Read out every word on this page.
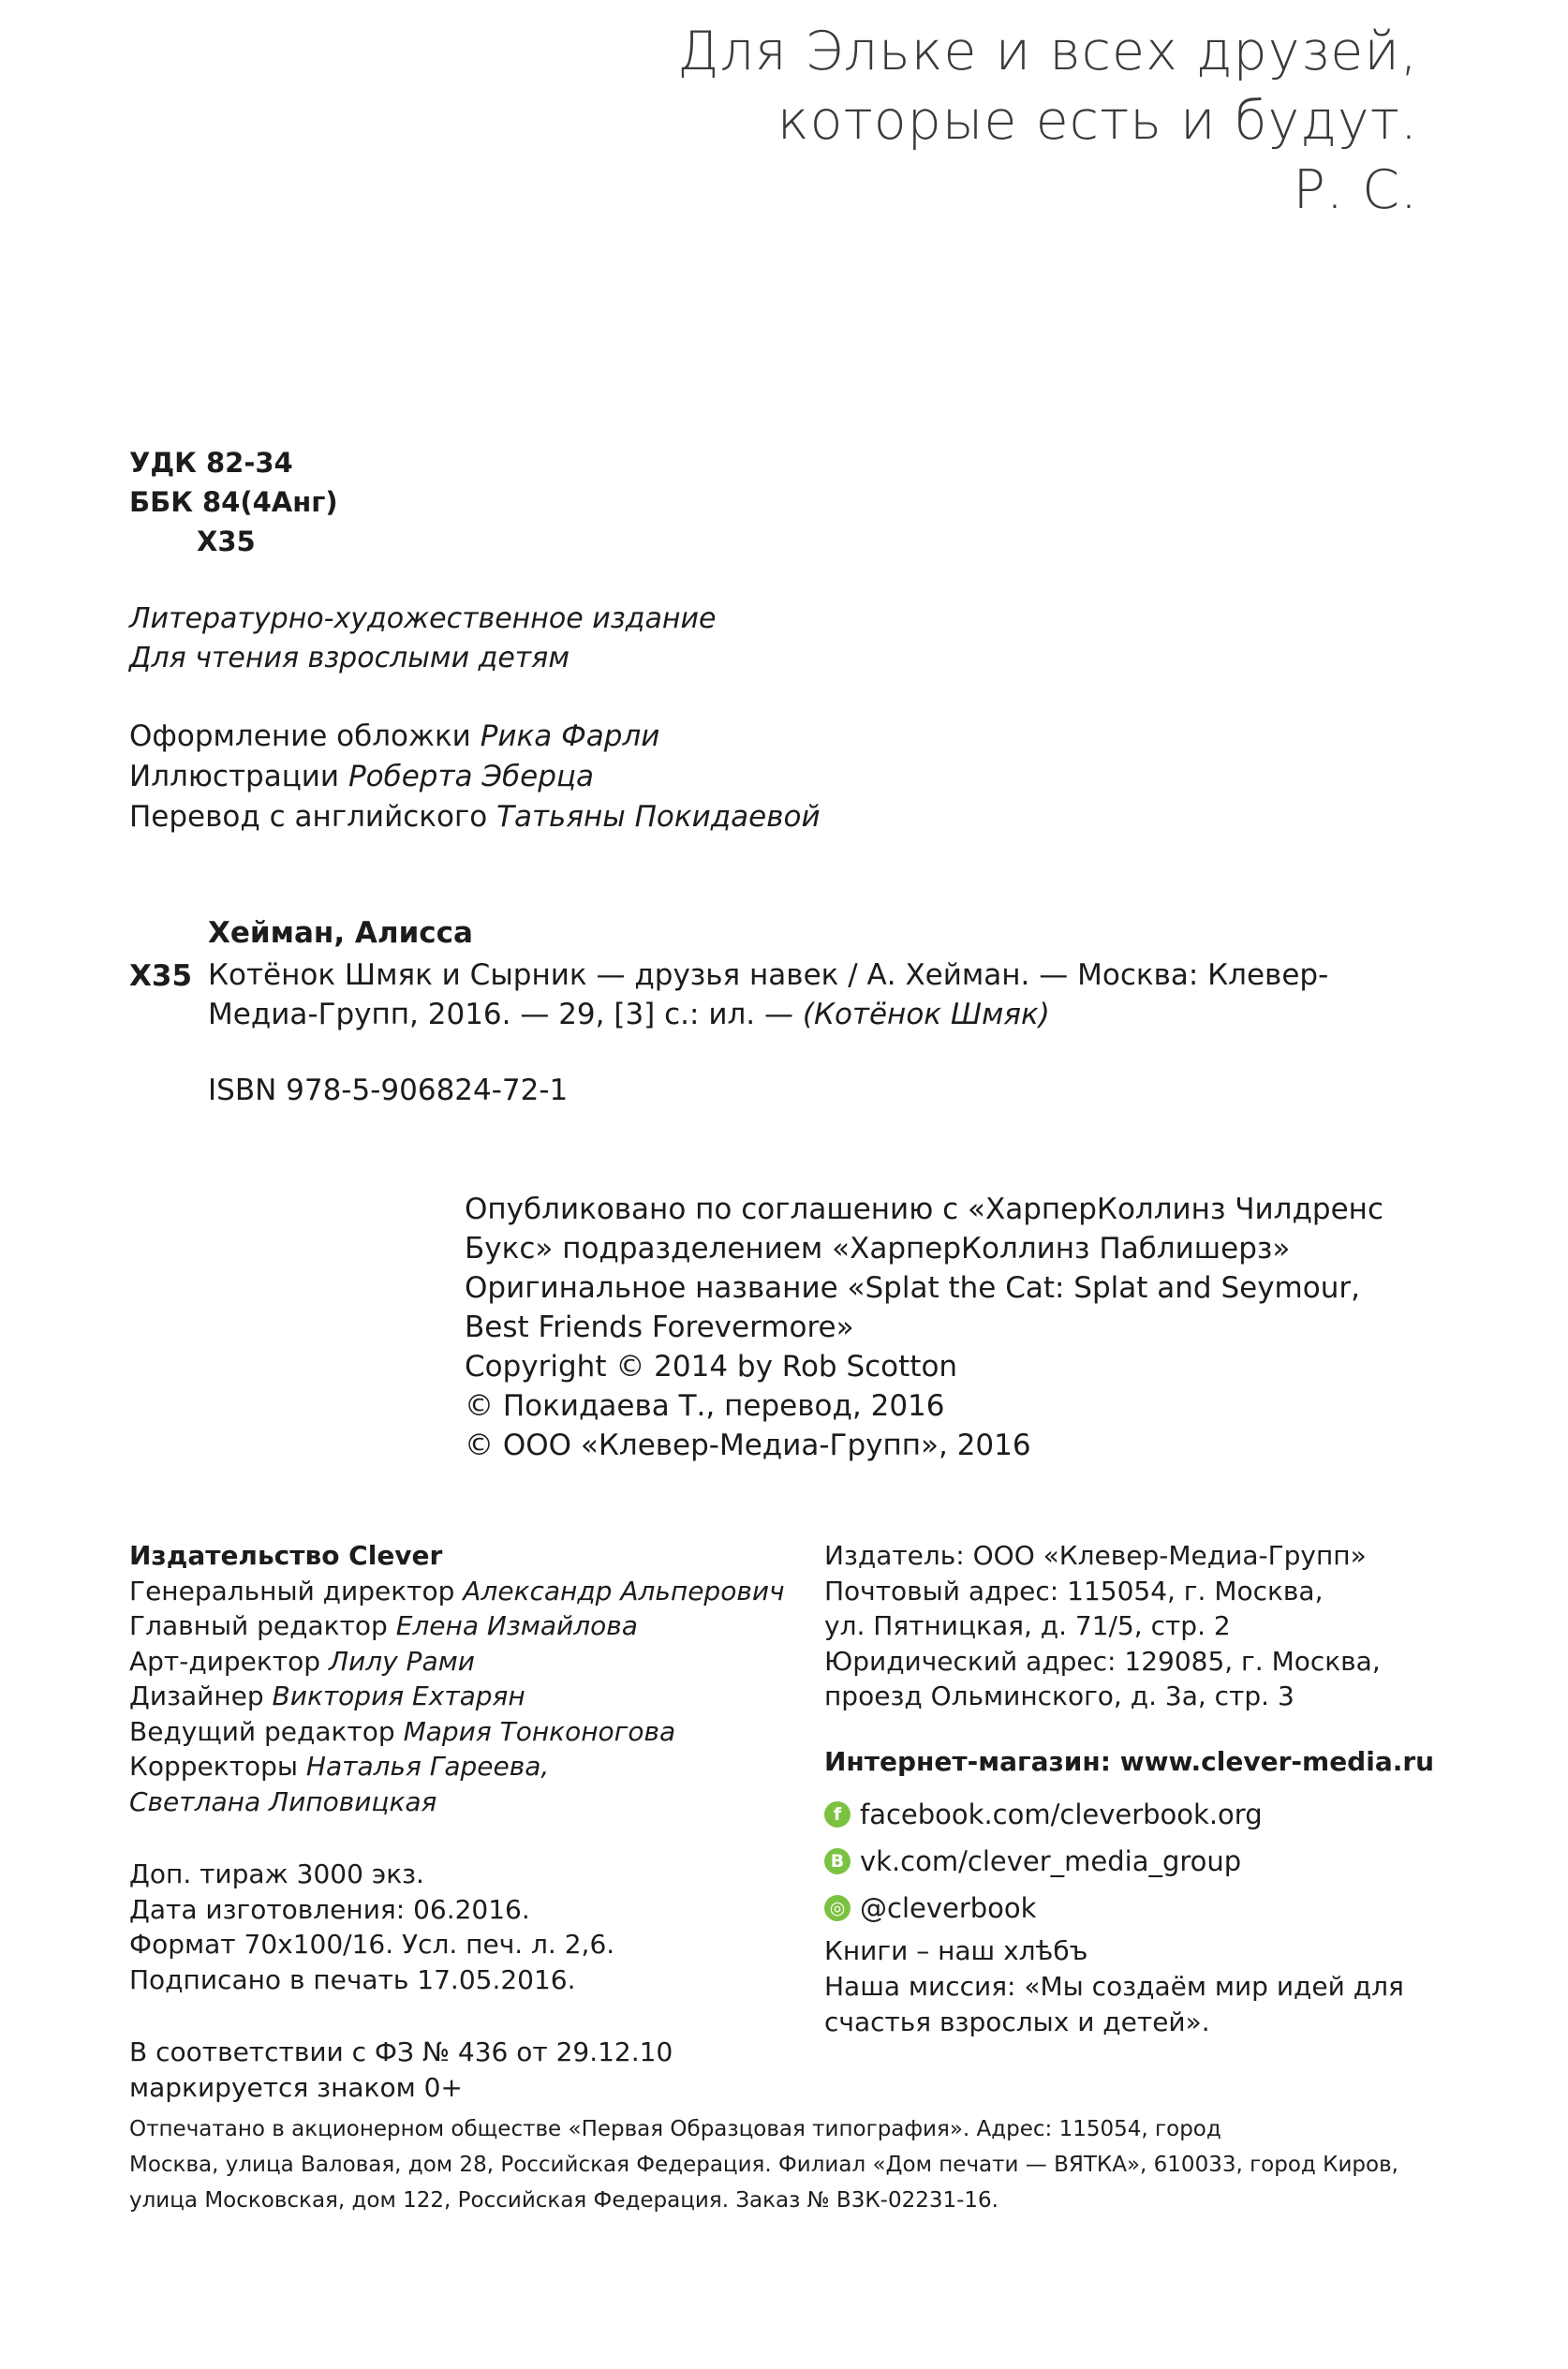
Для Эльке и всех друзей,
которые есть и будут.
Р. С.
УДК 82-34
ББК 84(4Анг)
Х35
Литературно-художественное издание
Для чтения взрослыми детям
Оформление обложки Рика Фарли
Иллюстрации Роберта Эберца
Перевод с английского Татьяны Покидаевой
Хейман, Алисса
Х35 Котёнок Шмяк и Сырник — друзья навек / А. Хейман. — Москва: Клевер-Медиа-Групп, 2016. — 29, [3] с.: ил. — (Котёнок Шмяк)
ISBN 978-5-906824-72-1
Опубликовано по соглашению с «ХарперКоллинз Чилдренс
Букс» подразделением «ХарперКоллинз Паблишерз»
Оригинальное название «Splat the Cat: Splat and Seymour,
Best Friends Forevermore»
Copyright © 2014 by Rob Scotton
© Покидаева Т., перевод, 2016
© ООО «Клевер-Медиа-Групп», 2016
Издательство Clever
Генеральный директор Александр Альперович
Главный редактор Елена Измайлова
Арт-директор Лилу Рами
Дизайнер Виктория Ехтарян
Ведущий редактор Мария Тонконогова
Корректоры Наталья Гареева,
Светлана Липовицкая
Доп. тираж 3000 экз.
Дата изготовления: 06.2016.
Формат 70х100/16. Усл. печ. л. 2,6.
Подписано в печать 17.05.2016.
В соответствии с ФЗ № 436 от 29.12.10
маркируется знаком 0+
Издатель: ООО «Клевер-Медиа-Групп»
Почтовый адрес: 115054, г. Москва,
ул. Пятницкая, д. 71/5, стр. 2
Юридический адрес: 129085, г. Москва,
проезд Ольминского, д. 3а, стр. 3
Интернет-магазин: www.clever-media.ru
f facebook.com/cleverbook.org
В vk.com/clever_media_group
◎ @cleverbook
Книги – наш хлѣбъ
Наша миссия: «Мы создаём мир идей для
счастья взрослых и детей».
Отпечатано в акционерном обществе «Первая Образцовая типография». Адрес: 115054, город
Москва, улица Валовая, дом 28, Российская Федерация. Филиал «Дом печати — ВЯТКА», 610033, город Киров,
улица Московская, дом 122, Российская Федерация. Заказ № В3К-02231-16.
